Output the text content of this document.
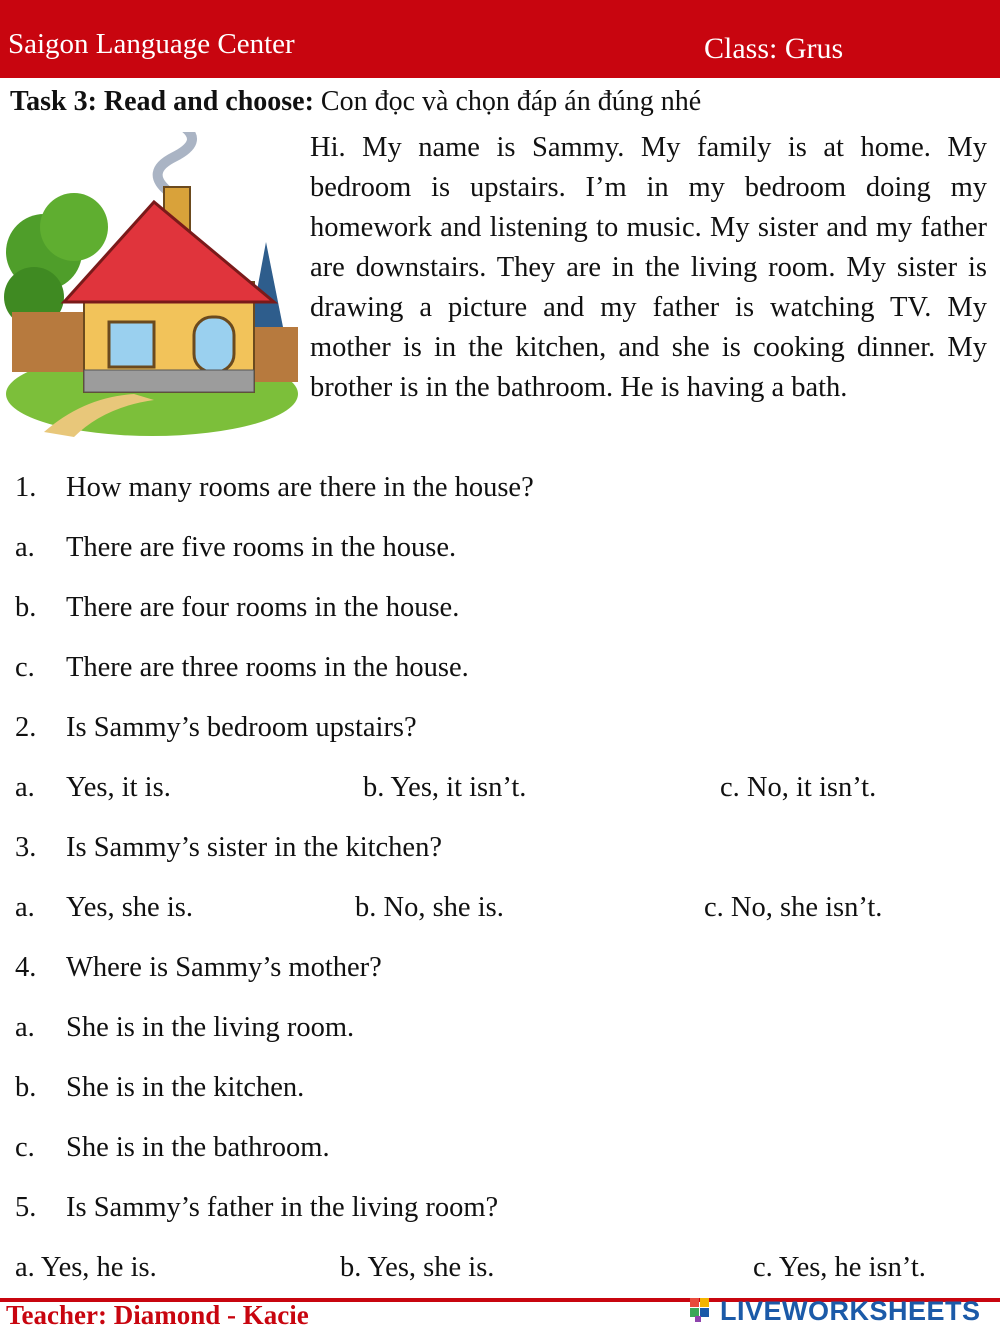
Saigon Language Center	Class: Grus
Task 3: Read and choose: Con đọc và chọn đáp án đúng nhé
Hi. My name is Sammy. My family is at home. My bedroom is upstairs. I’m in my bedroom doing my homework and listening to music. My sister and my father are downstairs. They are in the living room. My sister is drawing a picture and my father is watching TV. My mother is in the kitchen, and she is cooking dinner. My brother is in the bathroom. He is having a bath.
1. How many rooms are there in the house?
a. There are five rooms in the house.
b. There are four rooms in the house.
c. There are three rooms in the house.
2. Is Sammy’s bedroom upstairs?
a. Yes, it is.	b. Yes, it isn’t.	c. No, it isn’t.
3. Is Sammy’s sister in the kitchen?
a. Yes, she is.	b. No, she is.	c. No, she isn’t.
4. Where is Sammy’s mother?
a. She is in the living room.
b. She is in the kitchen.
c. She is in the bathroom.
5. Is Sammy’s father in the living room?
a. Yes, he is.	b. Yes, she is.	c. Yes, he isn’t.
Teacher: Diamond - Kacie	LIVEWORKSHEETS
